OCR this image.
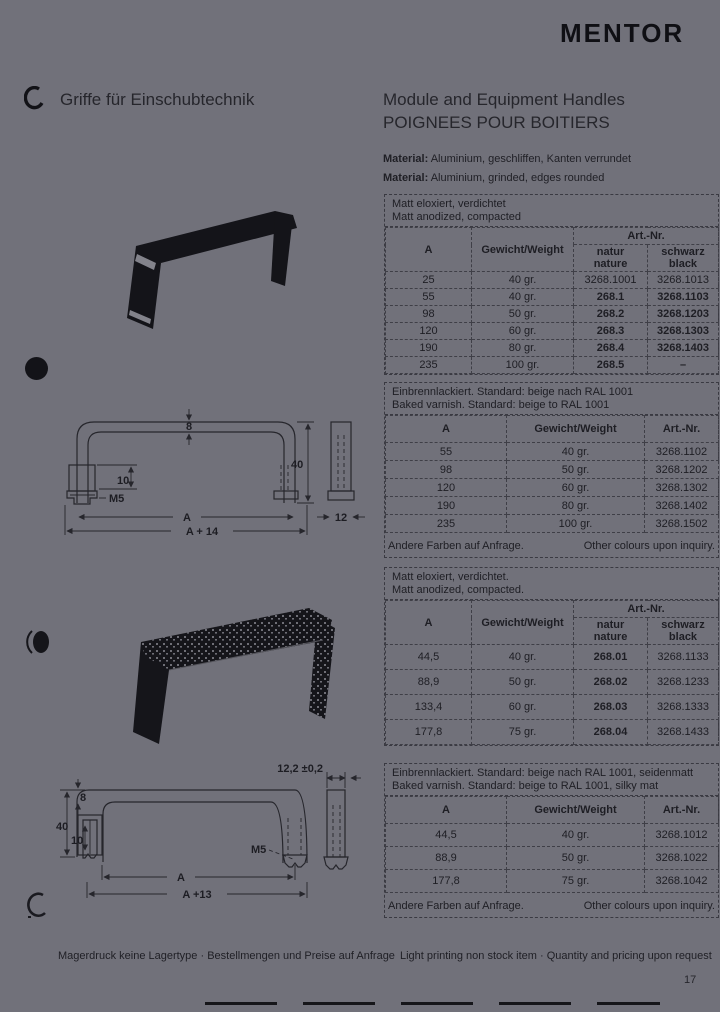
MENTOR
Griffe für Einschubtechnik	Module and Equipment Handles
POIGNEES POUR BOITIERS
Material: Aluminium, geschliffen, Kanten verrundet
Material: Aluminium, grinded, edges rounded
8
40
10
M5
A
A + 14
12
8
40
10
M5
A
A +13
12,2 ±0,2
Matt eloxiert, verdichtet
Matt anodized, compacted
A	Gewicht/Weight	Art.-Nr.	

natur
nature

schwarz
black

25	40 gr.	3268.1001	3268.1013
55	40 gr.	268.1	3268.1103
98	50 gr.	268.2	3268.1203
120	60 gr.	268.3	3268.1303
190	80 gr.	268.4	3268.1403
235	100 gr.	268.5	–
Einbrennlackiert. Standard: beige nach RAL 1001
Baked varnish. Standard: beige to RAL 1001
A	Gewicht/Weight	Art.-Nr.
55	40 gr.	3268.1102
98	50 gr.	3268.1202
120	60 gr.	3268.1302
190	80 gr.	3268.1402
235	100 gr.	3268.1502
Andere Farben auf Anfrage.	Other colours upon inquiry.
Matt eloxiert, verdichtet.
Matt anodized, compacted.
A	Gewicht/Weight	Art.-Nr.	

natur
nature

schwarz
black

44,5	40 gr.	268.01	3268.1133
88,9	50 gr.	268.02	3268.1233
133,4	60 gr.	268.03	3268.1333
177,8	75 gr.	268.04	3268.1433
Einbrennlackiert. Standard: beige nach RAL 1001, seidenmatt
Baked varnish. Standard: beige to RAL 1001, silky mat
A	Gewicht/Weight	Art.-Nr.
44,5	40 gr.	3268.1012
88,9	50 gr.	3268.1022
177,8	75 gr.	3268.1042
Andere Farben auf Anfrage.	Other colours upon inquiry.
Magerdruck keine Lagertype · Bestellmengen und Preise auf Anfrage Light printing non stock item · Quantity and pricing upon request
17
